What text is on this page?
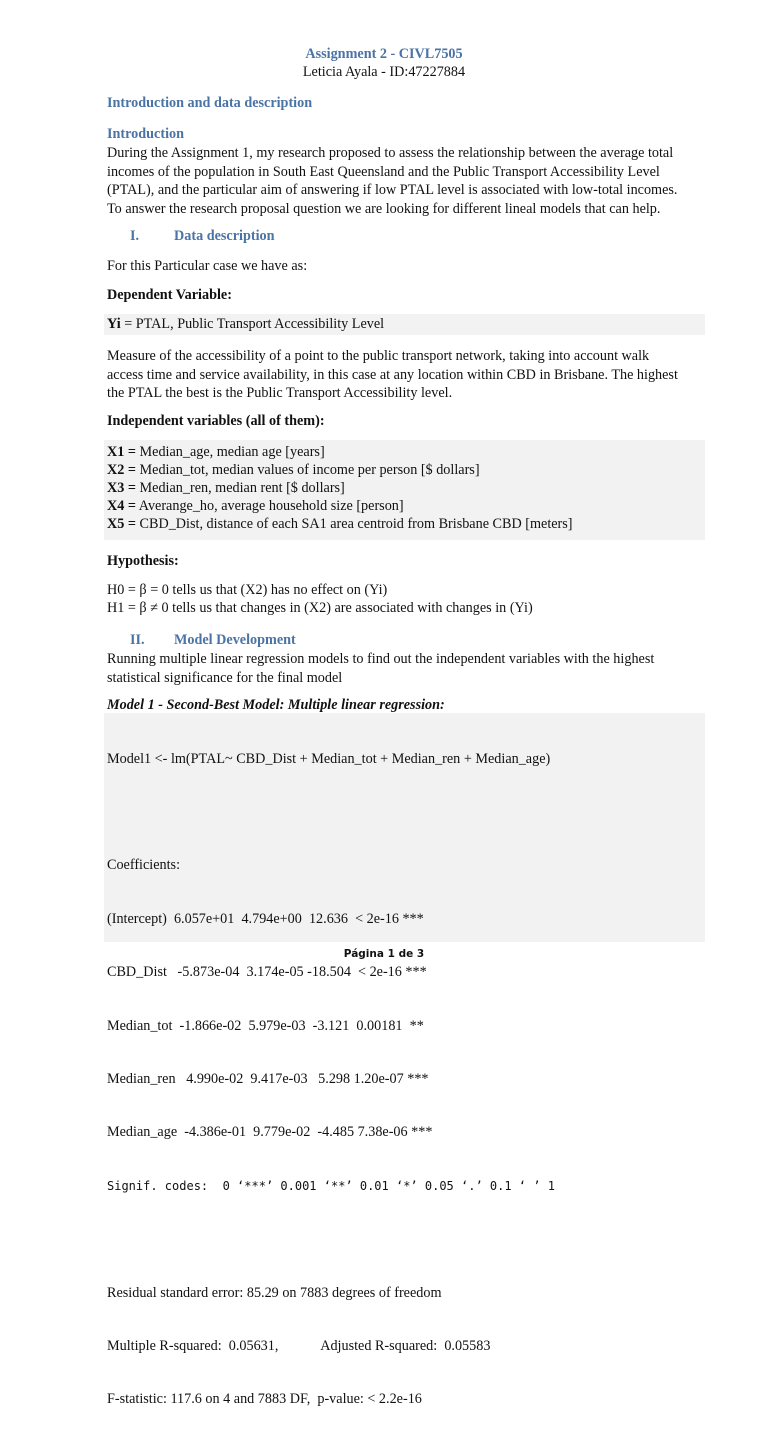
Assignment 2 - CIVL7505
Leticia Ayala - ID:47227884
Introduction and data description
Introduction
During the Assignment 1, my research proposed to assess the relationship between the average total
incomes of the population in South East Queensland and the Public Transport Accessibility Level
(PTAL), and the particular aim of answering if low PTAL level is associated with low-total incomes.
To answer the research proposal question we are looking for different lineal models that can help.
I. Data description
For this Particular case we have as:
Dependent Variable:
Yi = PTAL, Public Transport Accessibility Level
Measure of the accessibility of a point to the public transport network, taking into account walk
access time and service availability, in this case at any location within CBD in Brisbane. The highest
the PTAL the best is the Public Transport Accessibility level.
Independent variables (all of them):
X1 = Median_age, median age [years]
X2 = Median_tot, median values of income per person [$ dollars]
X3 = Median_ren, median rent [$ dollars]
X4 = Averange_ho, average household size [person]
X5 = CBD_Dist, distance of each SA1 area centroid from Brisbane CBD [meters]
Hypothesis:
H0 = β = 0 tells us that (X2) has no effect on (Yi)
H1 = β ≠ 0 tells us that changes in (X2) are associated with changes in (Yi)
II. Model Development
Running multiple linear regression models to find out the independent variables with the highest
statistical significance for the final model
Model 1 - Second-Best Model: Multiple linear regression:

Model1 <- lm(PTAL~ CBD_Dist + Median_tot + Median_ren + Median_age)

Coefficients:

(Intercept)  6.057e+01  4.794e+00  12.636  < 2e-16 ***

CBD_Dist   -5.873e-04  3.174e-05 -18.504  < 2e-16 ***

Median_tot  -1.866e-02  5.979e-03  -3.121  0.00181  **

Median_ren   4.990e-02  9.417e-03   5.298 1.20e-07 ***

Median_age  -4.386e-01  9.779e-02  -4.485 7.38e-06 ***

Signif. codes:  0 ‘***’ 0.001 ‘**’ 0.01 ‘*’ 0.05 ‘.’ 0.1 ‘ ’ 1

Residual standard error: 85.29 on 7883 degrees of freedom

Multiple R-squared:  0.05631,            Adjusted R-squared:  0.05583

F-statistic: 117.6 on 4 and 7883 DF,  p-value: < 2.2e-16

Página 1 de 3
